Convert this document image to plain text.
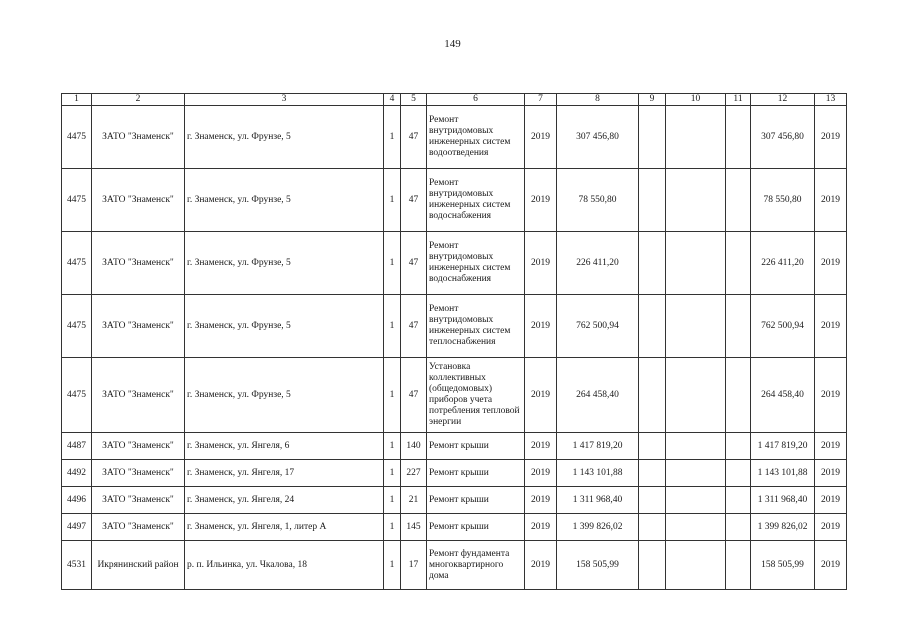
149
1	2	3	4	5	6	7	8	9	10	11	12	13
4475	ЗАТО "Знаменск"	г. Знаменск, ул. Фрунзе, 5	1	47	Ремонт внутридомовых инженерных систем водоотведения	2019	307 456,80				307 456,80	2019
4475	ЗАТО "Знаменск"	г. Знаменск, ул. Фрунзе, 5	1	47	Ремонт внутридомовых инженерных систем водоснабжения	2019	78 550,80				78 550,80	2019
4475	ЗАТО "Знаменск"	г. Знаменск, ул. Фрунзе, 5	1	47	Ремонт внутридомовых инженерных систем водоснабжения	2019	226 411,20				226 411,20	2019
4475	ЗАТО "Знаменск"	г. Знаменск, ул. Фрунзе, 5	1	47	Ремонт внутридомовых инженерных систем теплоснабжения	2019	762 500,94				762 500,94	2019
4475	ЗАТО "Знаменск"	г. Знаменск, ул. Фрунзе, 5	1	47	Установка коллективных (общедомовых) приборов учета потребления тепловой энергии	2019	264 458,40				264 458,40	2019
4487	ЗАТО "Знаменск"	г. Знаменск, ул. Янгеля, 6	1	140	Ремонт крыши	2019	1 417 819,20				1 417 819,20	2019
4492	ЗАТО "Знаменск"	г. Знаменск, ул. Янгеля, 17	1	227	Ремонт крыши	2019	1 143 101,88				1 143 101,88	2019
4496	ЗАТО "Знаменск"	г. Знаменск, ул. Янгеля, 24	1	21	Ремонт крыши	2019	1 311 968,40				1 311 968,40	2019
4497	ЗАТО "Знаменск"	г. Знаменск, ул. Янгеля, 1, литер А	1	145	Ремонт крыши	2019	1 399 826,02				1 399 826,02	2019
4531	Икрянинский район	р. п. Ильинка, ул. Чкалова, 18	1	17	Ремонт фундамента многоквартирного дома	2019	158 505,99				158 505,99	2019
